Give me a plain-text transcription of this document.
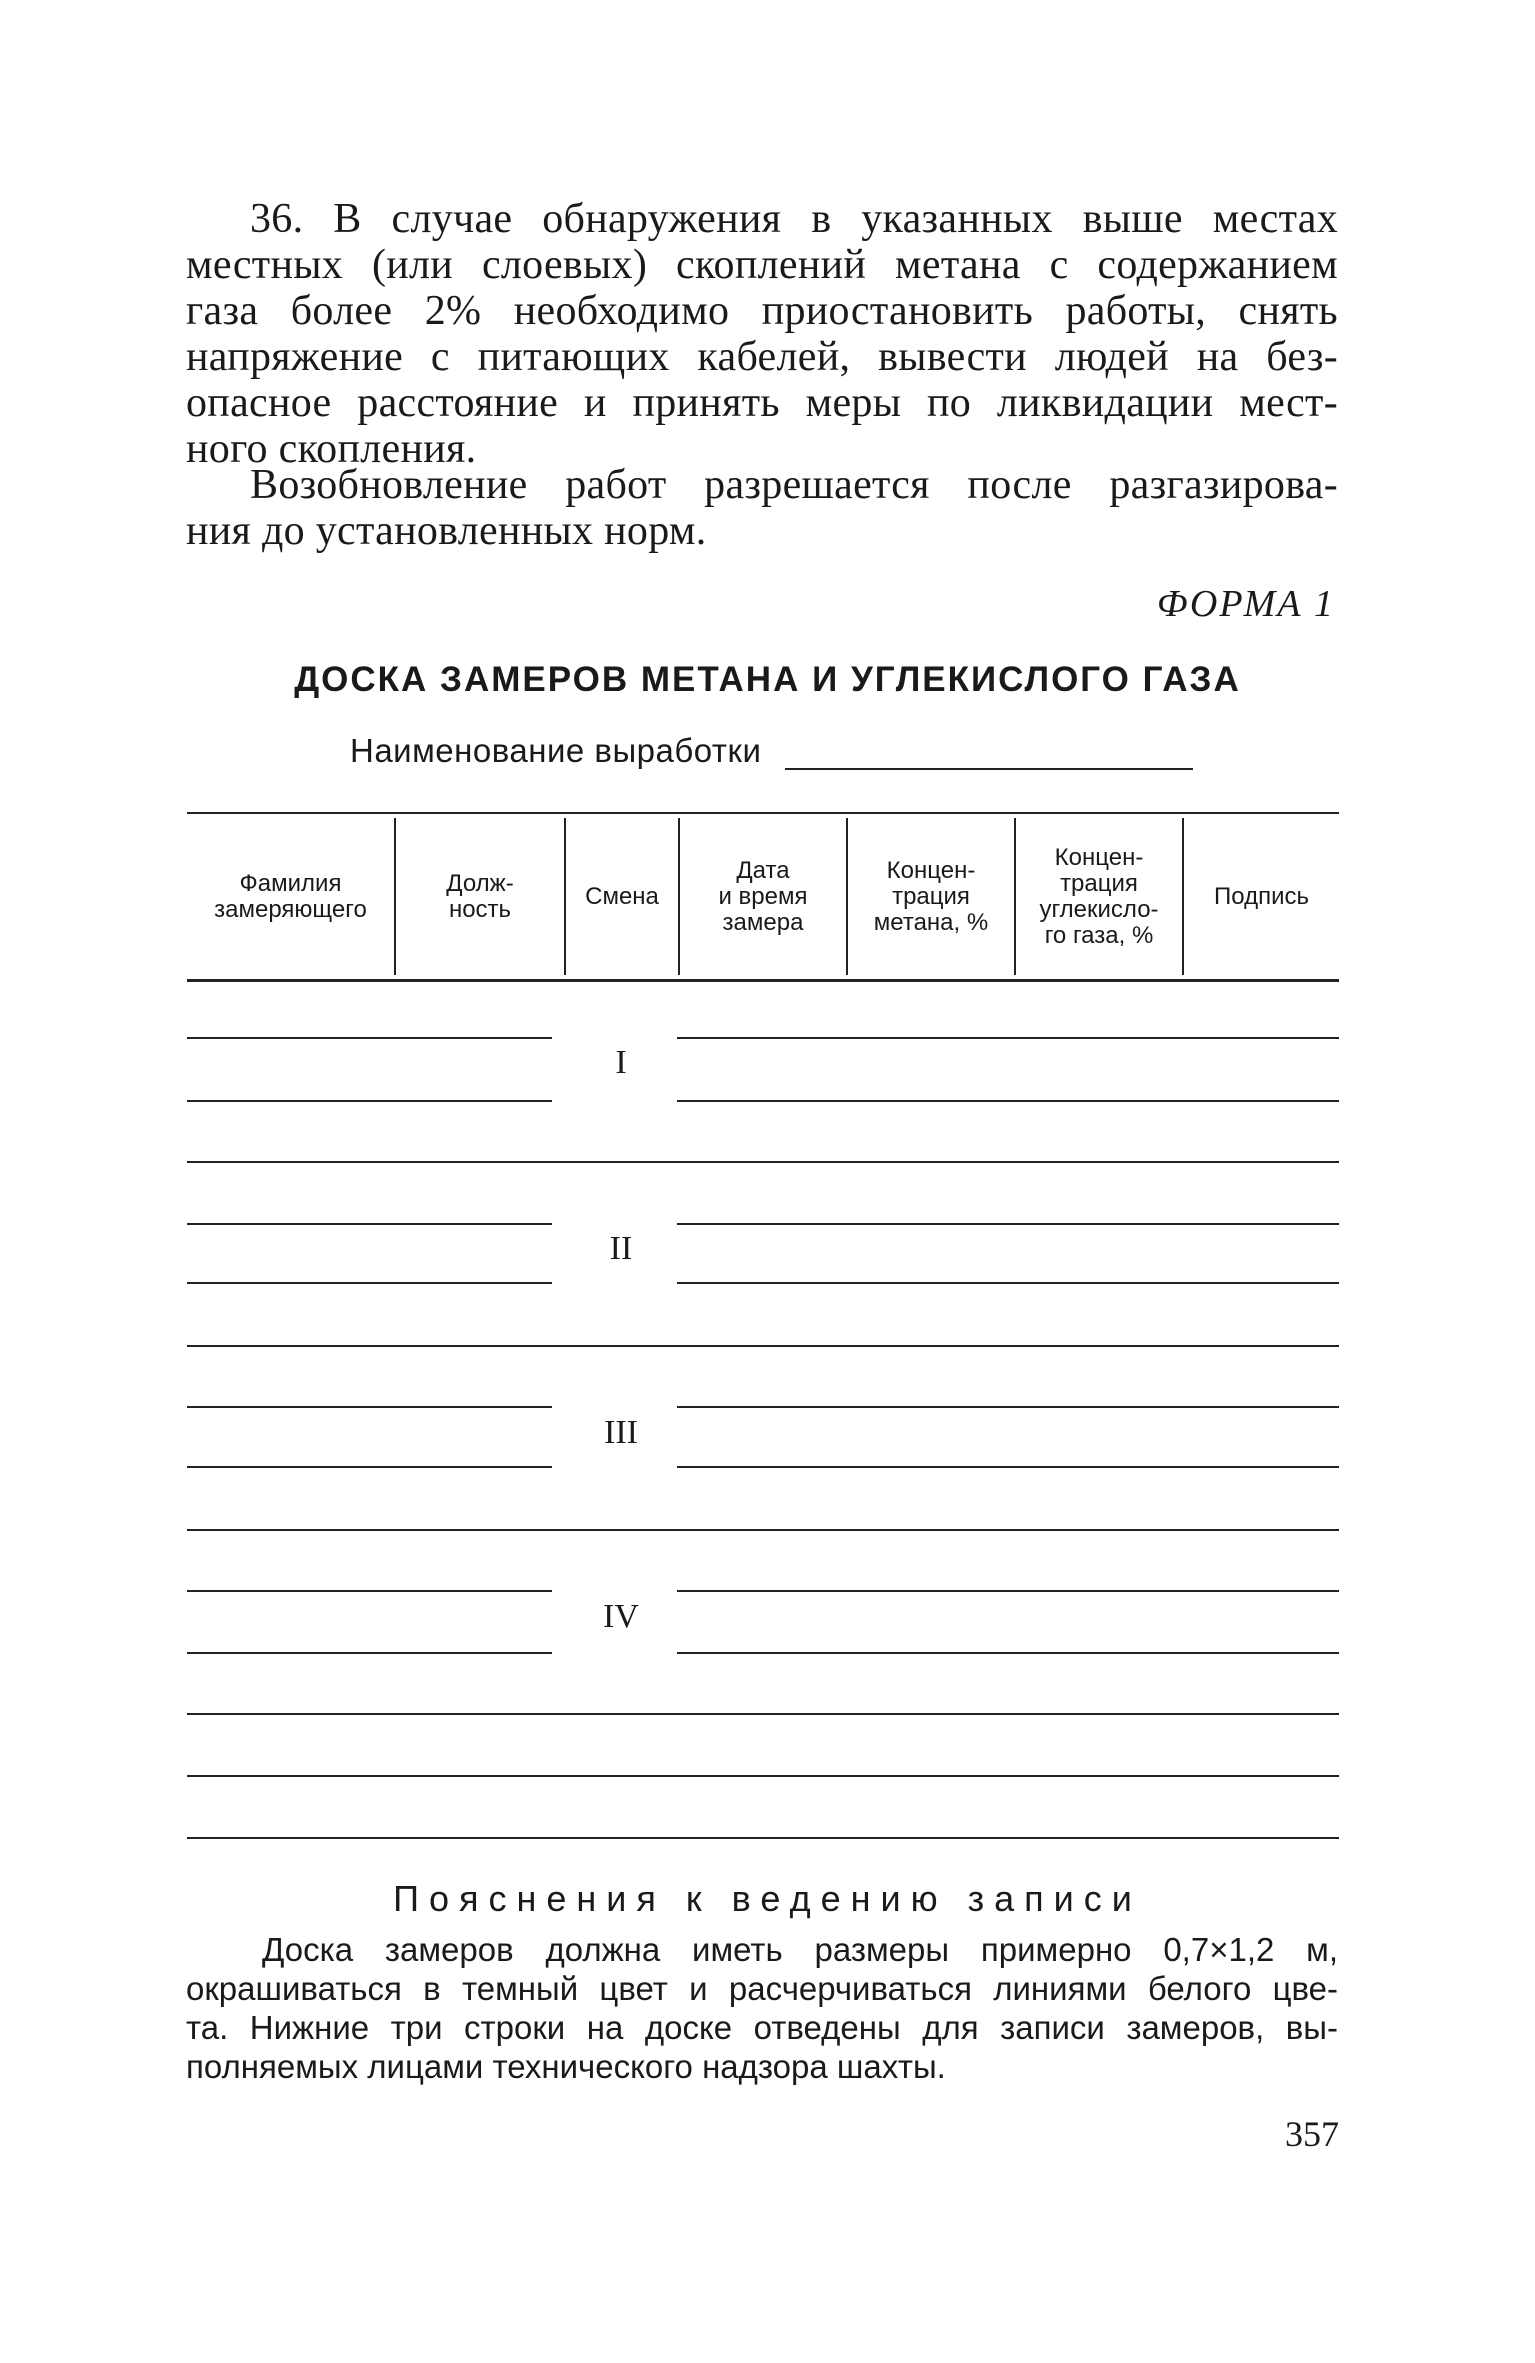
36. В случае обнаружения в указанных выше местах
местных (или слоевых) скоплений метана с содержанием
газа более 2% необходимо приостановить работы, снять
напряжение с питающих кабелей, вывести людей на без-
опасное расстояние и принять меры по ликвидации мест-
ного скопления.
Возобновление работ разрешается после разгазирова-
ния до установленных норм.
ФОРМА 1
ДОСКА ЗАМЕРОВ МЕТАНА И УГЛЕКИСЛОГО ГАЗА
Наименование выработки
Фамилия
замеряющего
Долж-
ность	Смена
Дата
и время
замера
Концен-
трация
метана, %
Концен-
трация
углекисло-
го газа, %
Подпись
I
II
III
IV
Пояснения к ведению записи
Доска замеров должна иметь размеры примерно 0,7×1,2 м,
окрашиваться в темный цвет и расчерчиваться линиями белого цве-
та. Нижние три строки на доске отведены для записи замеров, вы-
полняемых лицами технического надзора шахты.
357
